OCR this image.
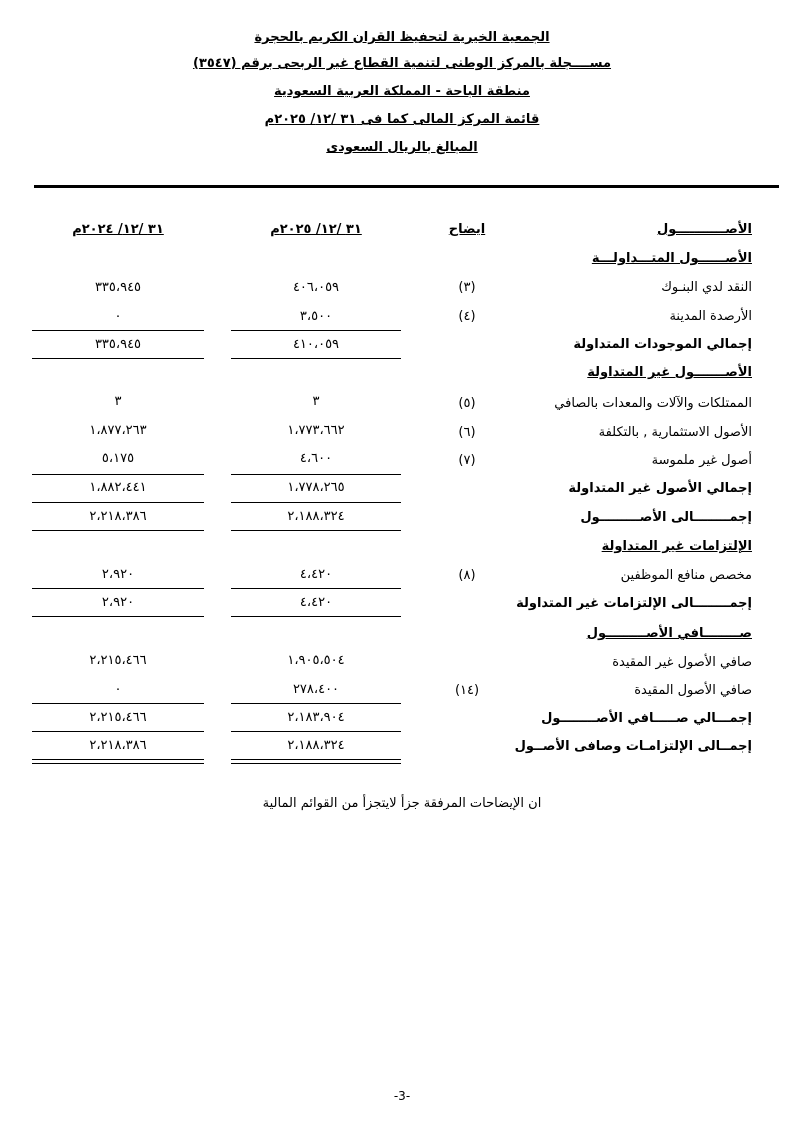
الجمعية الخيرية لتحفيظ القران الكريم بالحجرة
مســــجلة بالمركز الوطنى لتنمية القطاع غير الربحى برقم (٣٥٤٧)
منطقة الباحة - المملكة العربية السعودية
قائمة المركز المالى كما فى ٣١ /١٢/ ٢٠٢٥م
المبالغ بالريال السعودى
الأصـــــــــــول
ايضاح
٣١ /١٢/ ٢٠٢٥م
٣١ /١٢/ ٢٠٢٤م
الأصــــــول المتـــداولـــة
النقد لدي البنـوك
(٣)
٤٠٦،٠٥٩
٣٣٥،٩٤٥
الأرصدة المدينة
(٤)
٣،٥٠٠
٠
إجمالي الموجودات المتداولة
٤١٠،٠٥٩
٣٣٥،٩٤٥
الأصـــــــول غير المتداولة
الممتلكات والآلات والمعدات بالصافي
(٥)
٣
٣
الأصول الاستثمارية , بالتكلفة
(٦)
١،٧٧٣،٦٦٢
١،٨٧٧،٢٦٣
أصول غير ملموسة
(٧)
٤،٦٠٠
٥،١٧٥
إجمالي الأصول غير المتداولة
١،٧٧٨،٢٦٥
١،٨٨٢،٤٤١
إجمــــــــالى الأصـــــــــول
٢،١٨٨،٣٢٤
٢،٢١٨،٣٨٦
الإلتزامات غير المتداولة
مخصص منافع الموظفين
(٨)
٤،٤٢٠
٢،٩٢٠
إجمــــــــالى الإلتزامات غير المتداولة
٤،٤٢٠
٢،٩٢٠
صــــــــافي الأصـــــــــول
صافي الأصول غير المقيدة
١،٩٠٥،٥٠٤
٢،٢١٥،٤٦٦
صافي الأصول المقيدة
(١٤)
٢٧٨،٤٠٠
٠
إجمـــالي صـــــافي الأصــــــــول
٢،١٨٣،٩٠٤
٢،٢١٥،٤٦٦
إجمــالى الإلتزامـات وصافى الأصــول
٢،١٨٨،٣٢٤
٢،٢١٨،٣٨٦
ان الإيضاحات المرفقة جزأ لايتجزأ من القوائم المالية
-3-
